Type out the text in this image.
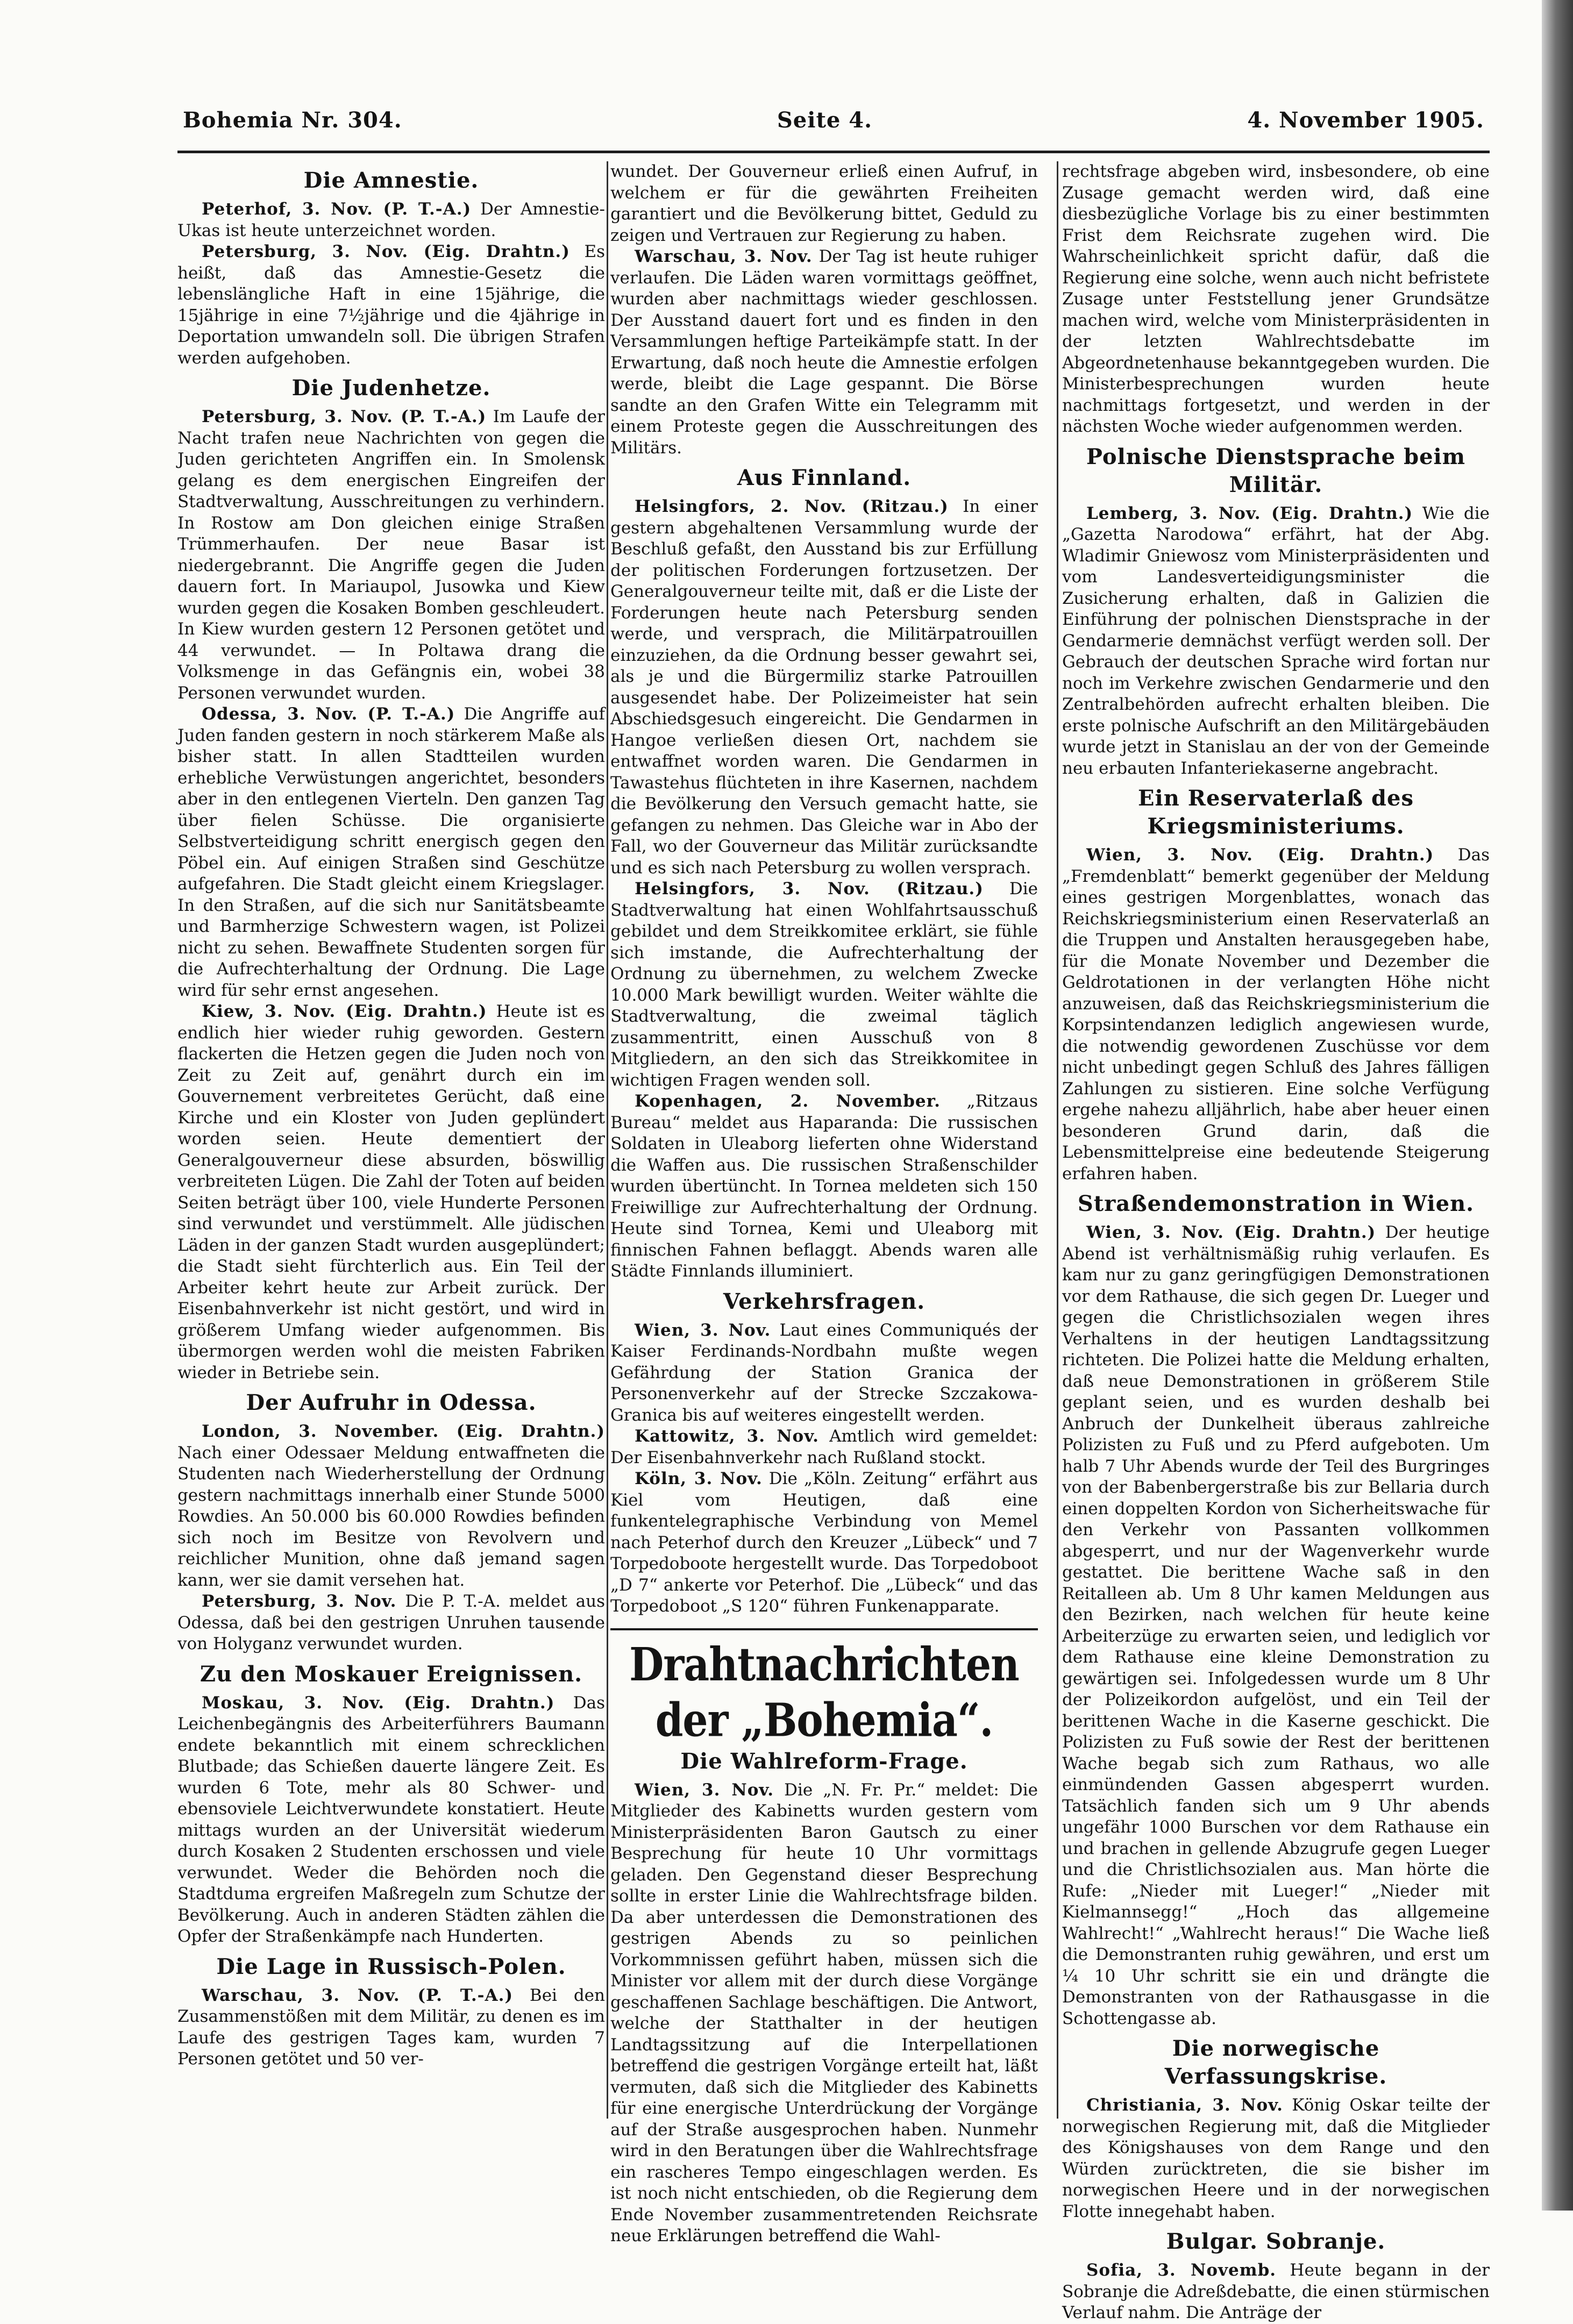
Bohemia Nr. 304.	Seite 4.	4. November 1905.
Die Amnestie.

Peterhof, 3. Nov. (P. T.-A.) Der Amnestie-Ukas ist heute unterzeichnet worden.

Petersburg, 3. Nov. (Eig. Drahtn.) Es heißt, daß das Amnestie-Gesetz die lebenslängliche Haft in eine 15jährige, die 15jährige in eine 7½jährige und die 4jährige in Deportation umwandeln soll. Die übrigen Strafen werden aufgehoben.

Die Judenhetze.

Petersburg, 3. Nov. (P. T.-A.) Im Laufe der Nacht trafen neue Nachrichten von gegen die Juden gerichteten Angriffen ein. In Smolensk gelang es dem energischen Eingreifen der Stadtverwaltung, Ausschreitungen zu verhindern. In Rostow am Don gleichen einige Straßen Trümmerhaufen. Der neue Basar ist niedergebrannt. Die Angriffe gegen die Juden dauern fort. In Mariaupol, Jusowka und Kiew wurden gegen die Kosaken Bomben geschleudert. In Kiew wurden gestern 12 Personen getötet und 44 verwundet. — In Poltawa drang die Volksmenge in das Gefängnis ein, wobei 38 Personen verwundet wurden.

Odessa, 3. Nov. (P. T.-A.) Die Angriffe auf Juden fanden gestern in noch stärkerem Maße als bisher statt. In allen Stadtteilen wurden erhebliche Verwüstungen angerichtet, besonders aber in den entlegenen Vierteln. Den ganzen Tag über fielen Schüsse. Die organisierte Selbstverteidigung schritt energisch gegen den Pöbel ein. Auf einigen Straßen sind Geschütze aufgefahren. Die Stadt gleicht einem Kriegslager. In den Straßen, auf die sich nur Sanitätsbeamte und Barmherzige Schwestern wagen, ist Polizei nicht zu sehen. Bewaffnete Studenten sorgen für die Aufrechterhaltung der Ordnung. Die Lage wird für sehr ernst angesehen.

Kiew, 3. Nov. (Eig. Drahtn.) Heute ist es endlich hier wieder ruhig geworden. Gestern flackerten die Hetzen gegen die Juden noch von Zeit zu Zeit auf, genährt durch ein im Gouvernement verbreitetes Gerücht, daß eine Kirche und ein Kloster von Juden geplündert worden seien. Heute dementiert der Generalgouverneur diese absurden, böswillig verbreiteten Lügen. Die Zahl der Toten auf beiden Seiten beträgt über 100, viele Hunderte Personen sind verwundet und verstümmelt. Alle jüdischen Läden in der ganzen Stadt wurden ausgeplündert; die Stadt sieht fürchterlich aus. Ein Teil der Arbeiter kehrt heute zur Arbeit zurück. Der Eisenbahnverkehr ist nicht gestört, und wird in größerem Umfang wieder aufgenommen. Bis übermorgen werden wohl die meisten Fabriken wieder in Betriebe sein.

Der Aufruhr in Odessa.

London, 3. November. (Eig. Drahtn.) Nach einer Odessaer Meldung entwaffneten die Studenten nach Wiederherstellung der Ordnung gestern nachmittags innerhalb einer Stunde 5000 Rowdies. An 50.000 bis 60.000 Rowdies befinden sich noch im Besitze von Revolvern und reichlicher Munition, ohne daß jemand sagen kann, wer sie damit versehen hat.

Petersburg, 3. Nov. Die P. T.-A. meldet aus Odessa, daß bei den gestrigen Unruhen tausende von Holyganz verwundet wurden.

Zu den Moskauer Ereignissen.

Moskau, 3. Nov. (Eig. Drahtn.) Das Leichenbegängnis des Arbeiterführers Baumann endete bekanntlich mit einem schrecklichen Blutbade; das Schießen dauerte längere Zeit. Es wurden 6 Tote, mehr als 80 Schwer- und ebensoviele Leichtverwundete konstatiert. Heute mittags wurden an der Universität wiederum durch Kosaken 2 Studenten erschossen und viele verwundet. Weder die Behörden noch die Stadtduma ergreifen Maßregeln zum Schutze der Bevölkerung. Auch in anderen Städten zählen die Opfer der Straßenkämpfe nach Hunderten.

Die Lage in Russisch-Polen.

Warschau, 3. Nov. (P. T.-A.) Bei den Zusammenstößen mit dem Militär, zu denen es im Laufe des gestrigen Tages kam, wurden 7 Personen getötet und 50 ver-

wundet. Der Gouverneur erließ einen Aufruf, in welchem er für die gewährten Freiheiten garantiert und die Bevölkerung bittet, Geduld zu zeigen und Vertrauen zur Regierung zu haben.

Warschau, 3. Nov. Der Tag ist heute ruhiger verlaufen. Die Läden waren vormittags geöffnet, wurden aber nachmittags wieder geschlossen. Der Ausstand dauert fort und es finden in den Versammlungen heftige Parteikämpfe statt. In der Erwartung, daß noch heute die Amnestie erfolgen werde, bleibt die Lage gespannt. Die Börse sandte an den Grafen Witte ein Telegramm mit einem Proteste gegen die Ausschreitungen des Militärs.

Aus Finnland.

Helsingfors, 2. Nov. (Ritzau.) In einer gestern abgehaltenen Versammlung wurde der Beschluß gefaßt, den Ausstand bis zur Erfüllung der politischen Forderungen fortzusetzen. Der Generalgouverneur teilte mit, daß er die Liste der Forderungen heute nach Petersburg senden werde, und versprach, die Militärpatrouillen einzuziehen, da die Ordnung besser gewahrt sei, als je und die Bürgermiliz starke Patrouillen ausgesendet habe. Der Polizeimeister hat sein Abschiedsgesuch eingereicht. Die Gendarmen in Hangoe verließen diesen Ort, nachdem sie entwaffnet worden waren. Die Gendarmen in Tawastehus flüchteten in ihre Kasernen, nachdem die Bevölkerung den Versuch gemacht hatte, sie gefangen zu nehmen. Das Gleiche war in Abo der Fall, wo der Gouverneur das Militär zurücksandte und es sich nach Petersburg zu wollen versprach.

Helsingfors, 3. Nov. (Ritzau.) Die Stadtverwaltung hat einen Wohlfahrtsausschuß gebildet und dem Streikkomitee erklärt, sie fühle sich imstande, die Aufrechterhaltung der Ordnung zu übernehmen, zu welchem Zwecke 10.000 Mark bewilligt wurden. Weiter wählte die Stadtverwaltung, die zweimal täglich zusammentritt, einen Ausschuß von 8 Mitgliedern, an den sich das Streikkomitee in wichtigen Fragen wenden soll.

Kopenhagen, 2. November. „Ritzaus Bureau“ meldet aus Haparanda: Die russischen Soldaten in Uleaborg lieferten ohne Widerstand die Waffen aus. Die russischen Straßenschilder wurden übertüncht. In Tornea meldeten sich 150 Freiwillige zur Aufrechterhaltung der Ordnung. Heute sind Tornea, Kemi und Uleaborg mit finnischen Fahnen beflaggt. Abends waren alle Städte Finnlands illuminiert.

Verkehrsfragen.

Wien, 3. Nov. Laut eines Communiqués der Kaiser Ferdinands-Nordbahn mußte wegen Gefährdung der Station Granica der Personenverkehr auf der Strecke Szczakowa-Granica bis auf weiteres eingestellt werden.

Kattowitz, 3. Nov. Amtlich wird gemeldet: Der Eisenbahnverkehr nach Rußland stockt.

Köln, 3. Nov. Die „Köln. Zeitung“ erfährt aus Kiel vom Heutigen, daß eine funkentelegraphische Verbindung von Memel nach Peterhof durch den Kreuzer „Lübeck“ und 7 Torpedoboote hergestellt wurde. Das Torpedoboot „D 7“ ankerte vor Peterhof. Die „Lübeck“ und das Torpedoboot „S 120“ führen Funkenapparate.

Drahtnachrichten der „Bohemia“.
Die Wahlreform-Frage.

Wien, 3. Nov. Die „N. Fr. Pr.“ meldet: Die Mitglieder des Kabinetts wurden gestern vom Ministerpräsidenten Baron Gautsch zu einer Besprechung für heute 10 Uhr vormittags geladen. Den Gegenstand dieser Besprechung sollte in erster Linie die Wahlrechtsfrage bilden. Da aber unterdessen die Demonstrationen des gestrigen Abends zu so peinlichen Vorkommnissen geführt haben, müssen sich die Minister vor allem mit der durch diese Vorgänge geschaffenen Sachlage beschäftigen. Die Antwort, welche der Statthalter in der heutigen Landtagssitzung auf die Interpellationen betreffend die gestrigen Vorgänge erteilt hat, läßt vermuten, daß sich die Mitglieder des Kabinetts für eine energische Unterdrückung der Vorgänge auf der Straße ausgesprochen haben. Nunmehr wird in den Beratungen über die Wahlrechtsfrage ein rascheres Tempo eingeschlagen werden. Es ist noch nicht entschieden, ob die Regierung dem Ende November zusammentretenden Reichsrate neue Erklärungen betreffend die Wahl-

rechtsfrage abgeben wird, insbesondere, ob eine Zusage gemacht werden wird, daß eine diesbezügliche Vorlage bis zu einer bestimmten Frist dem Reichsrate zugehen wird. Die Wahrscheinlichkeit spricht dafür, daß die Regierung eine solche, wenn auch nicht befristete Zusage unter Feststellung jener Grundsätze machen wird, welche vom Ministerpräsidenten in der letzten Wahlrechtsdebatte im Abgeordnetenhause bekanntgegeben wurden. Die Ministerbesprechungen wurden heute nachmittags fortgesetzt, und werden in der nächsten Woche wieder aufgenommen werden.

Polnische Dienstsprache beim Militär.

Lemberg, 3. Nov. (Eig. Drahtn.) Wie die „Gazetta Narodowa“ erfährt, hat der Abg. Wladimir Gniewosz vom Ministerpräsidenten und vom Landesverteidigungsminister die Zusicherung erhalten, daß in Galizien die Einführung der polnischen Dienstsprache in der Gendarmerie demnächst verfügt werden soll. Der Gebrauch der deutschen Sprache wird fortan nur noch im Verkehre zwischen Gendarmerie und den Zentralbehörden aufrecht erhalten bleiben. Die erste polnische Aufschrift an den Militärgebäuden wurde jetzt in Stanislau an der von der Gemeinde neu erbauten Infanteriekaserne angebracht.

Ein Reservaterlaß des Kriegsministeriums.

Wien, 3. Nov. (Eig. Drahtn.) Das „Fremdenblatt“ bemerkt gegenüber der Meldung eines gestrigen Morgenblattes, wonach das Reichskriegsministerium einen Reservaterlaß an die Truppen und Anstalten herausgegeben habe, für die Monate November und Dezember die Geldrotationen in der verlangten Höhe nicht anzuweisen, daß das Reichskriegsministerium die Korpsintendanzen lediglich angewiesen wurde, die notwendig gewordenen Zuschüsse vor dem nicht unbedingt gegen Schluß des Jahres fälligen Zahlungen zu sistieren. Eine solche Verfügung ergehe nahezu alljährlich, habe aber heuer einen besonderen Grund darin, daß die Lebensmittelpreise eine bedeutende Steigerung erfahren haben.

Straßendemonstration in Wien.

Wien, 3. Nov. (Eig. Drahtn.) Der heutige Abend ist verhältnismäßig ruhig verlaufen. Es kam nur zu ganz geringfügigen Demonstrationen vor dem Rathause, die sich gegen Dr. Lueger und gegen die Christlichsozialen wegen ihres Verhaltens in der heutigen Landtagssitzung richteten. Die Polizei hatte die Meldung erhalten, daß neue Demonstrationen in größerem Stile geplant seien, und es wurden deshalb bei Anbruch der Dunkelheit überaus zahlreiche Polizisten zu Fuß und zu Pferd aufgeboten. Um halb 7 Uhr Abends wurde der Teil des Burgringes von der Babenbergerstraße bis zur Bellaria durch einen doppelten Kordon von Sicherheitswache für den Verkehr von Passanten vollkommen abgesperrt, und nur der Wagenverkehr wurde gestattet. Die berittene Wache saß in den Reitalleen ab. Um 8 Uhr kamen Meldungen aus den Bezirken, nach welchen für heute keine Arbeiterzüge zu erwarten seien, und lediglich vor dem Rathause eine kleine Demonstration zu gewärtigen sei. Infolgedessen wurde um 8 Uhr der Polizeikordon aufgelöst, und ein Teil der berittenen Wache in die Kaserne geschickt. Die Polizisten zu Fuß sowie der Rest der berittenen Wache begab sich zum Rathaus, wo alle einmündenden Gassen abgesperrt wurden. Tatsächlich fanden sich um 9 Uhr abends ungefähr 1000 Burschen vor dem Rathause ein und brachen in gellende Abzugrufe gegen Lueger und die Christlichsozialen aus. Man hörte die Rufe: „Nieder mit Lueger!“ „Nieder mit Kielmannsegg!“ „Hoch das allgemeine Wahlrecht!“ „Wahlrecht heraus!“ Die Wache ließ die Demonstranten ruhig gewähren, und erst um ¼ 10 Uhr schritt sie ein und drängte die Demonstranten von der Rathausgasse in die Schottengasse ab.

Die norwegische Verfassungskrise.

Christiania, 3. Nov. König Oskar teilte der norwegischen Regierung mit, daß die Mitglieder des Königshauses von dem Range und den Würden zurücktreten, die sie bisher im norwegischen Heere und in der norwegischen Flotte innegehabt haben.

Bulgar. Sobranje.

Sofia, 3. Novemb. Heute begann in der Sobranje die Adreßdebatte, die einen stürmischen Verlauf nahm. Die Anträge der
